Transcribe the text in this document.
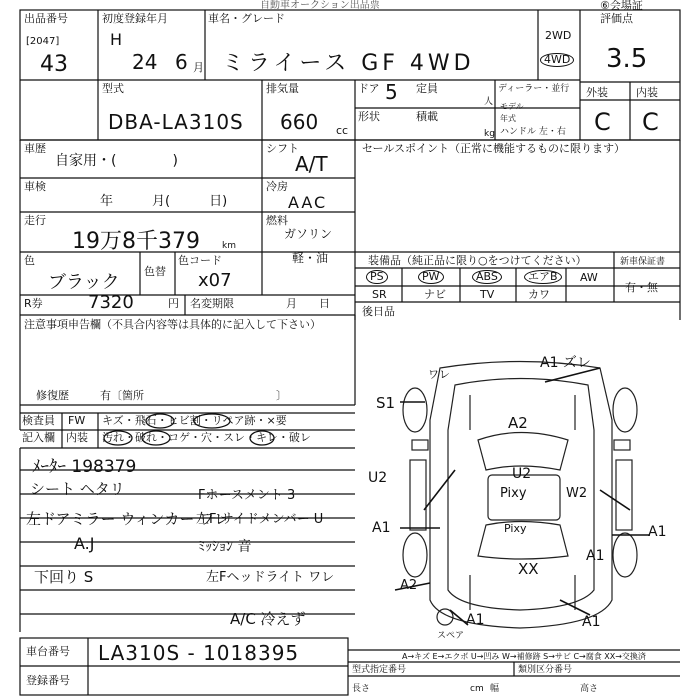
自動車オークション出品票	⑥会場証
出品番号
[2047]
43
初度登録年月
H
24 6 月
車名・グレード
ミライース GF 4WD
2WD
4WD
評価点
3.5
外装	内装
C C
型式
DBA-LA310S
排気量
660 cc
ドア 5 定員
人
形状	積載
kg
ディーラー・並行
モデル年式
ハンドル 左・右
車歴
自家用・(　　　　)
シフト
A/T
車検
年　　　月(　　　日)
冷房
AAC
走行
19万8千379 km
燃料
ガソリン
軽・油
色
ブラック
色替
色コード
x07
R券	7320	円 名変期限	月　　日
セールスポイント（正常に機能するものに限ります）
装備品（純正品に限り○をつけてください）	新車保証書
有・無
PS	PW	ABS	エアB	AW
SR	ナビ	TV	カワ
後日品
注意事項申告欄（不具合内容等は具体的に記入して下さい）
修復歴	有〔箇所　　　　　　　　　　　　〕
検査員
記入欄
FW キズ・飛石・ヒビ割・リペア跡・×要
内装 汚れ・破れ・コゲ・穴・スレ・キレ・破レ
ﾒｰﾀｰ 198379
シート ヘタリ
左ドアミラー ウィンカー ワレ
A.J
下回り S
Fホースメント 3
左F サイドメンバー U
ﾐｯｼｮﾝ 音
左Fヘッドライト ワレ
A/C 冷えず
A1 ズレ
ワレ
S1
A2
U2	U2
Pixy	W2
A1	A1
A1
Pixy
XX
A2
A1	A1
スペア
A→キズ E→エクボ U→凹み W→補修跡 S→サビ C→腐食 XX→交換済
型式指定番号	類別区分番号
長さ	cm 幅	高さ
車台番号 LA310S - 1018395
登録番号
